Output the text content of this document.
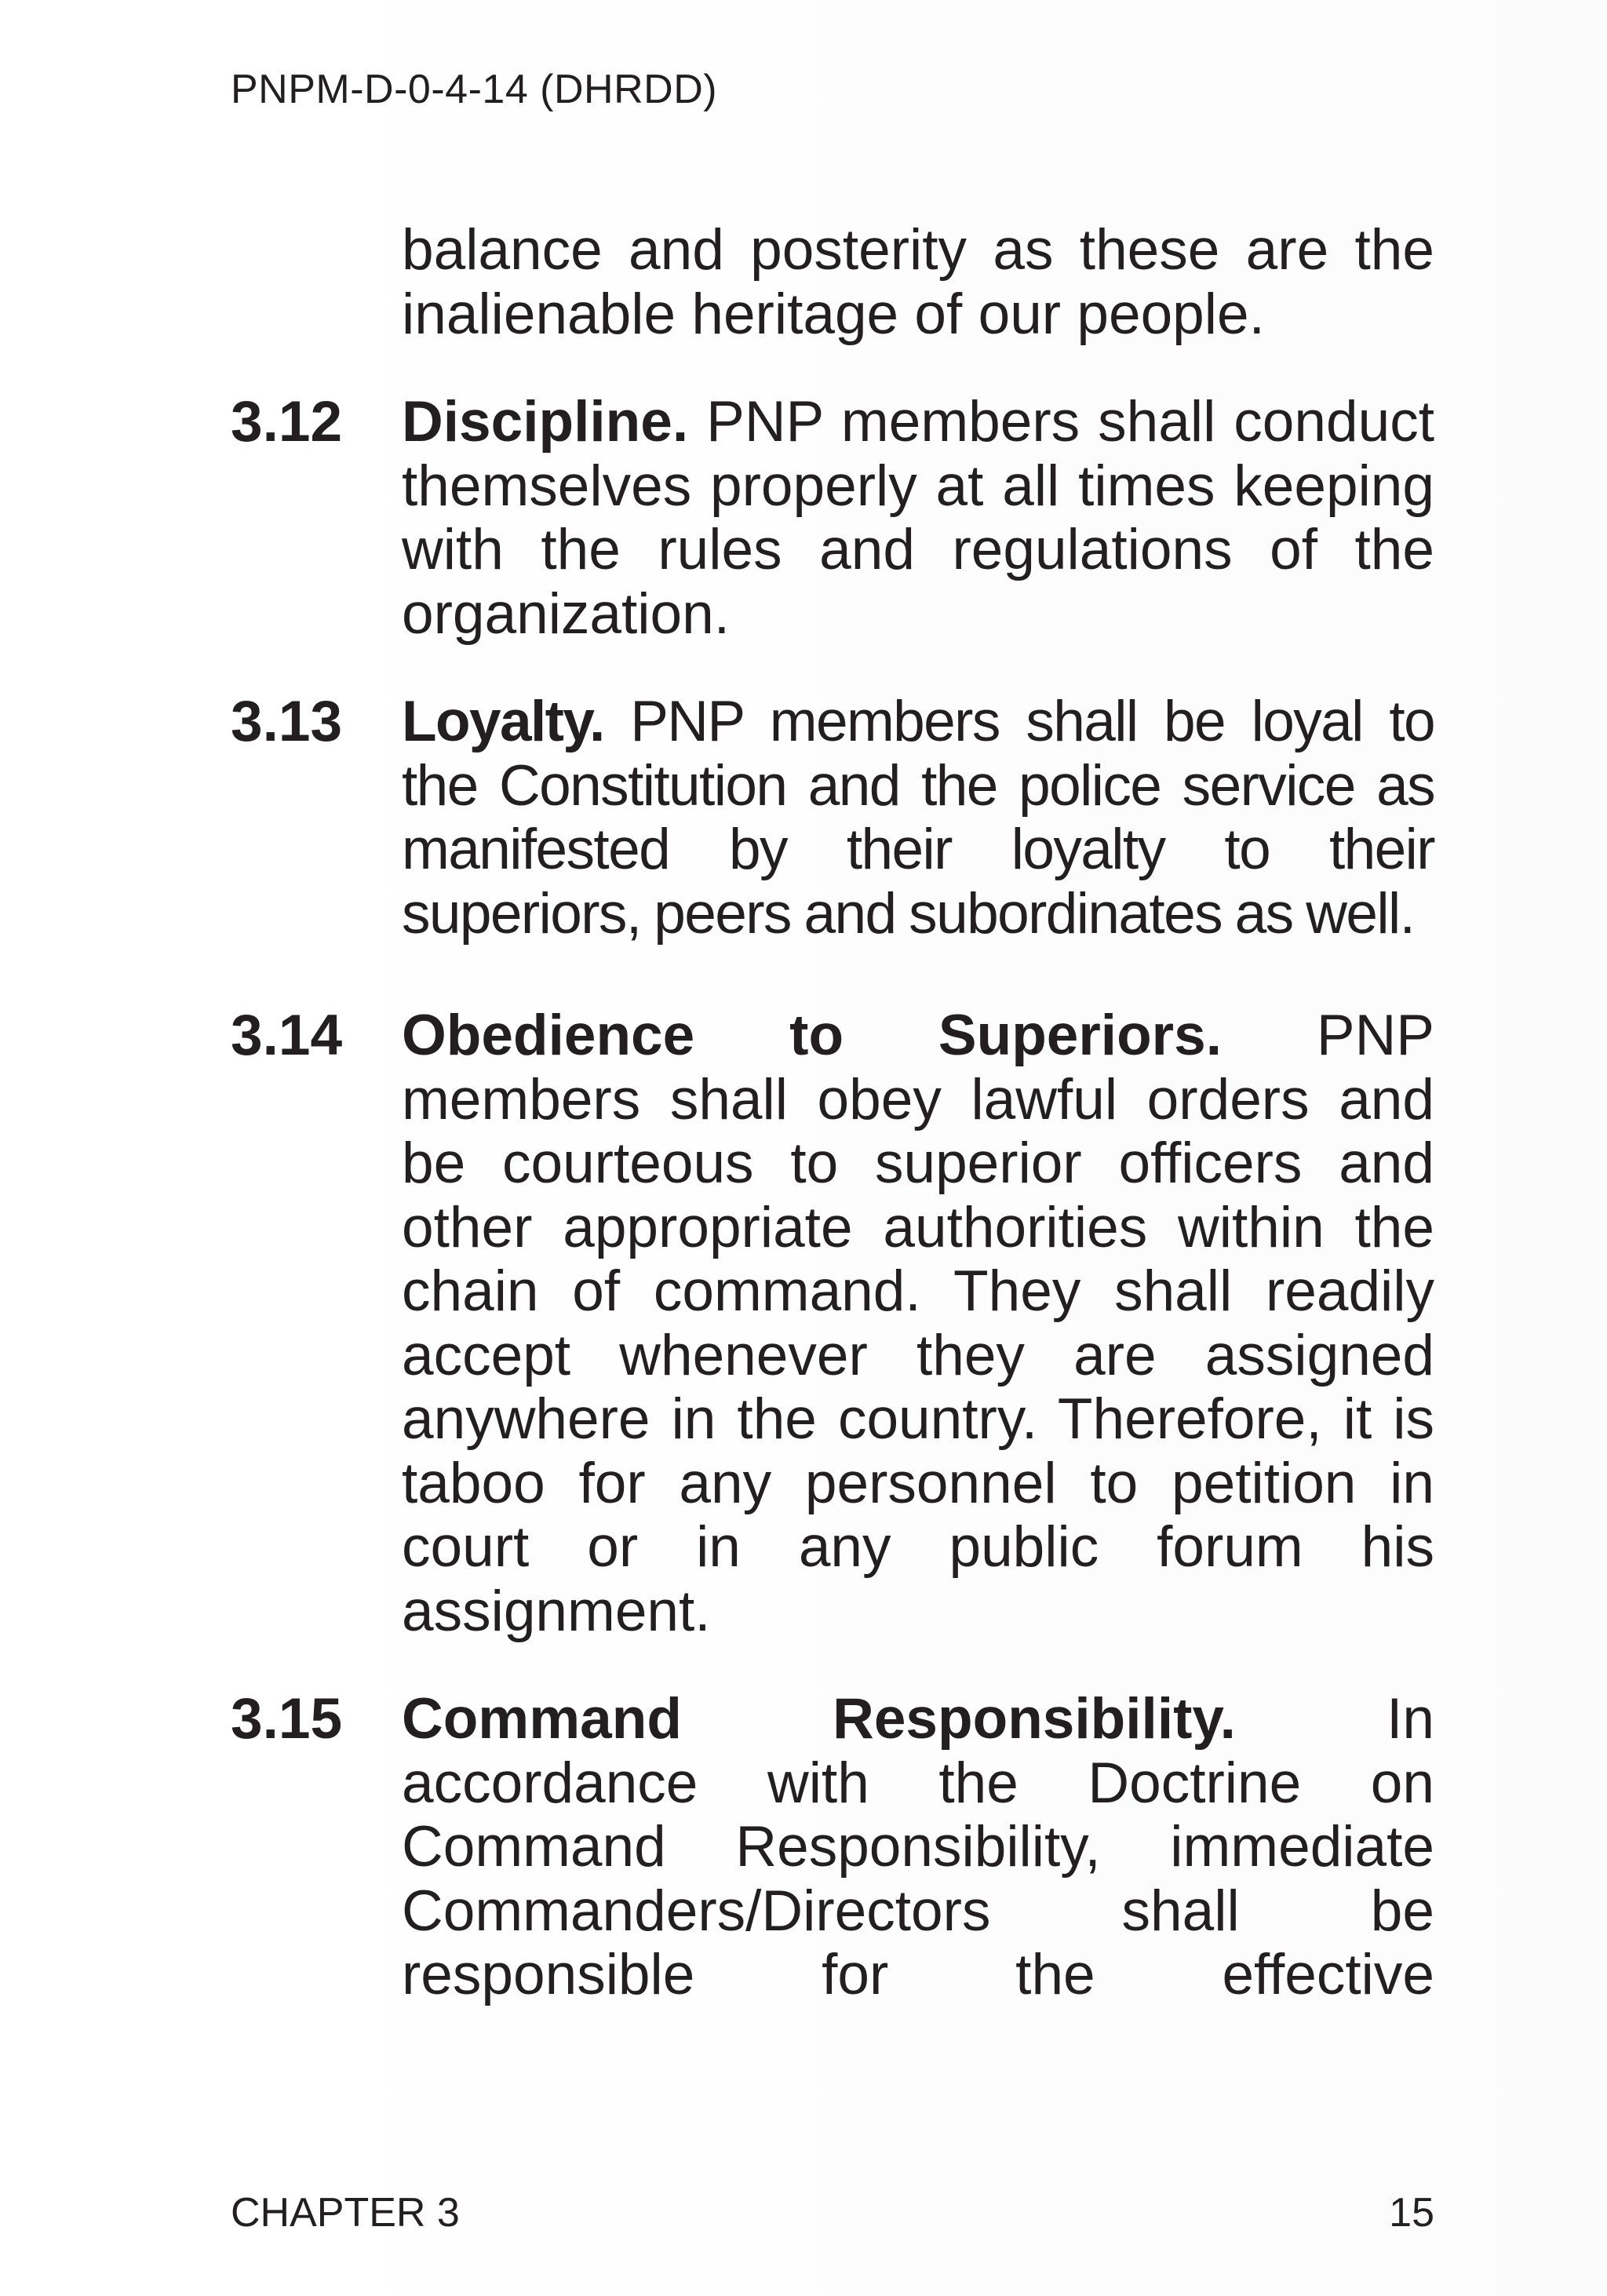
PNPM-D-0-4-14 (DHRDD)
balance and posterity as these are the inalienable heritage of our people.
3.12	Discipline. PNP members shall conduct themselves properly at all times keeping with the rules and regulations of the organization.
3.13	Loyalty. PNP members shall be loyal to the Constitution and the police service as manifested by their loyalty to their superiors, peers and subordinates as well.
3.14	Obedience to Superiors. PNP members shall obey lawful orders and be courteous to superior officers and other appropriate authorities within the chain of command. They shall readily accept whenever they are assigned anywhere in the country. Therefore, it is taboo for any personnel to petition in court or in any public forum his assignment.
3.15	Command Responsibility.	In accordance with the Doctrine on Command Responsibility, immediate Commanders/Directors shall be responsible for the effective
CHAPTER 3	15
